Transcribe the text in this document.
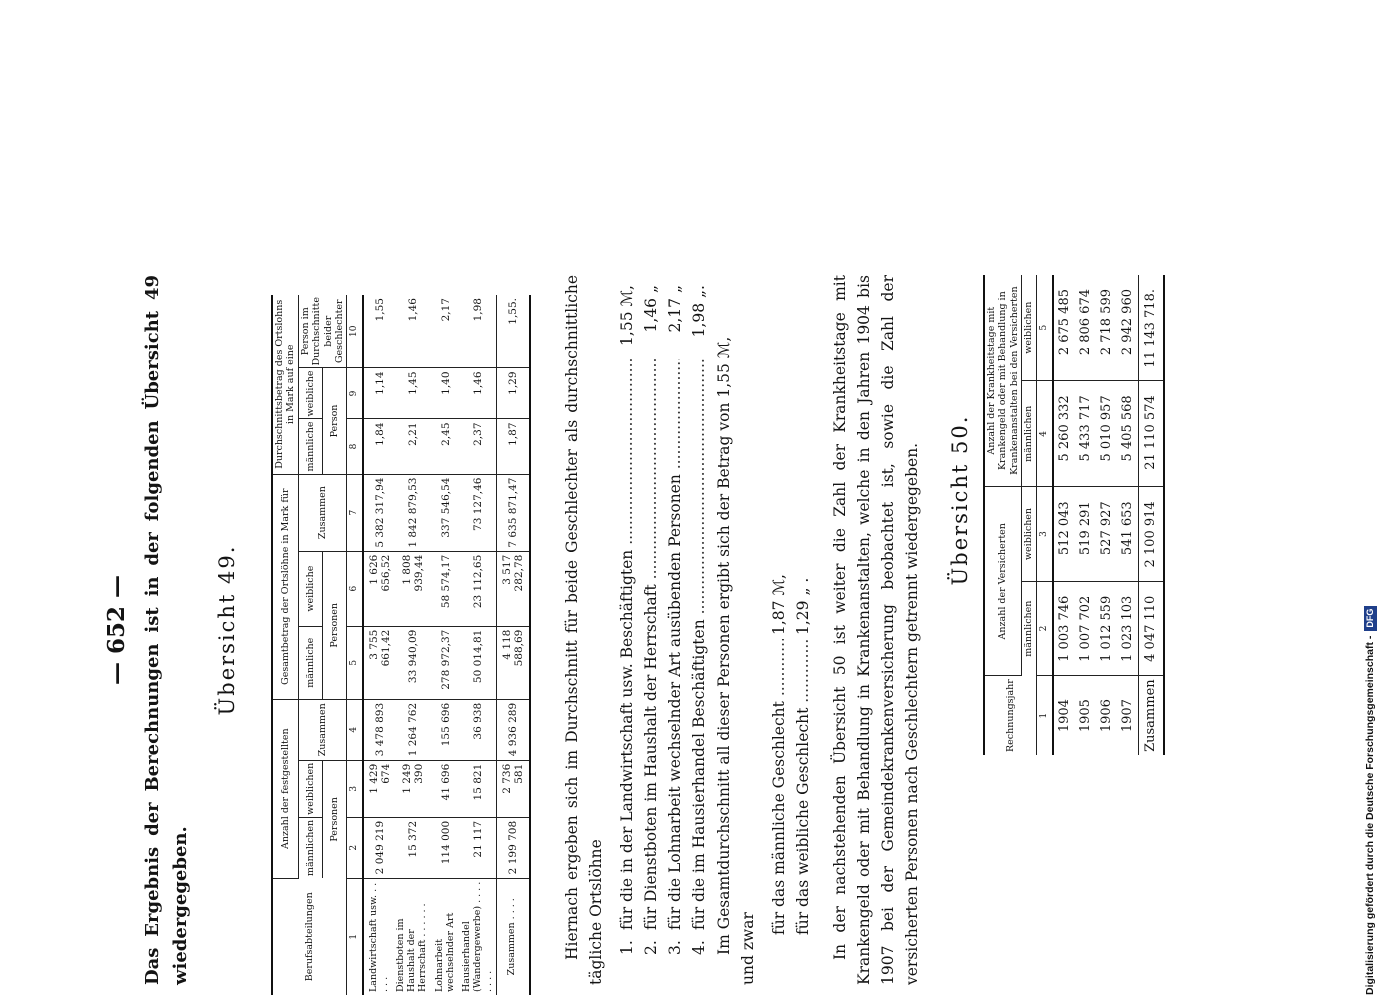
— 652 — Das Ergebnis der Berechnungen ist in der folgenden Übersicht 49 wiedergegeben.
Übersicht 49.
Berufsabteilungen	Anzahl der festgestellten			Gesamtbetrag der Ortslöhne in Mark für			Durchschnittsbetrag des Ortslohns in Mark auf eine		
	männlichen	weiblichen	Zusammen	männliche	weibliche	Zusammen	männliche	weibliche	Person im Durchschnitte beider Geschlechter
	Personen			Personen			Person		
1	2	3	4	5	6	7	8	9	10
Landwirtschaft usw. . . . . .	2 049 219	1 429 674	3 478 893	3 755 661,42	1 626 656,52	5 382 317,94	1,84	1,14	1,55
Dienstboten im Haushalt der Herrschaft . . . . . .	15 372	1 249 390	1 264 762	33 940,09	1 808 939,44	1 842 879,53	2,21	1,45	1,46
Lohnarbeit wechselnder Art	114 000	41 696	155 696	278 972,37	58 574,17	337 546,54	2,45	1,40	2,17
Hausierhandel (Wandergewerbe) . . . . . . . .	21 117	15 821	36 938	50 014,81	23 112,65	73 127,46	2,37	1,46	1,98
Zusammen . . . .	2 199 708	2 736 581	4 936 289	4 118 588,69	3 517 282,78	7 635 871,47	1,87	1,29	1,55.	Hiernach ergeben sich im Durchschnitt für beide Geschlechter als durchschnittliche tägliche Ortslöhne 1.
für die in der Landwirtschaft usw. Beschäftigten .....
1,55 ℳ,
2.
für Dienstboten im Haushalt der Herrschaft .....
1,46 „
3.
für die Lohnarbeit wechselnder Art ausübenden Personen .....
2,17 „
4.
für die im Hausierhandel Beschäftigten .....
1,98 „.
Im Gesamtdurchschnitt all dieser Personen ergibt sich der Betrag von 1,55 ℳ, und zwar
für das männliche Geschlecht .....
1,87 ℳ,
für das weibliche Geschlecht .....
1,29 „ . In der nachstehenden Übersicht 50 ist weiter die Zahl der Krankheitstage mit Krankengeld oder mit Behandlung in Krankenanstalten, welche in den Jahren 1904 bis 1907 bei der Gemeindekrankenversicherung beobachtet ist, sowie die Zahl der versicherten Personen nach Geschlechtern getrennt wiedergegeben. Übersicht 50.
Rechnungsjahr	Anzahl der Versicherten		Anzahl der Krankheitstage mit Krankengeld oder mit Behandlung in Krankenanstalten bei den Versicherten	
	männlichen	weiblichen	männlichen	weiblichen
1	2	3	4	5
1904	1 003 746	512 043	5 260 332	2 675 485
1905	1 007 702	519 291	5 433 717	2 806 674
1906	1 012 559	527 927	5 010 957	2 718 599
1907	1 023 103	541 653	5 405 568	2 942 960
Zusammen	4 047 110	2 100 914	21 110 574	11 143 718.
Digitalisierung gefördert durch die Deutsche Forschungsgemeinschaft -
DFG
